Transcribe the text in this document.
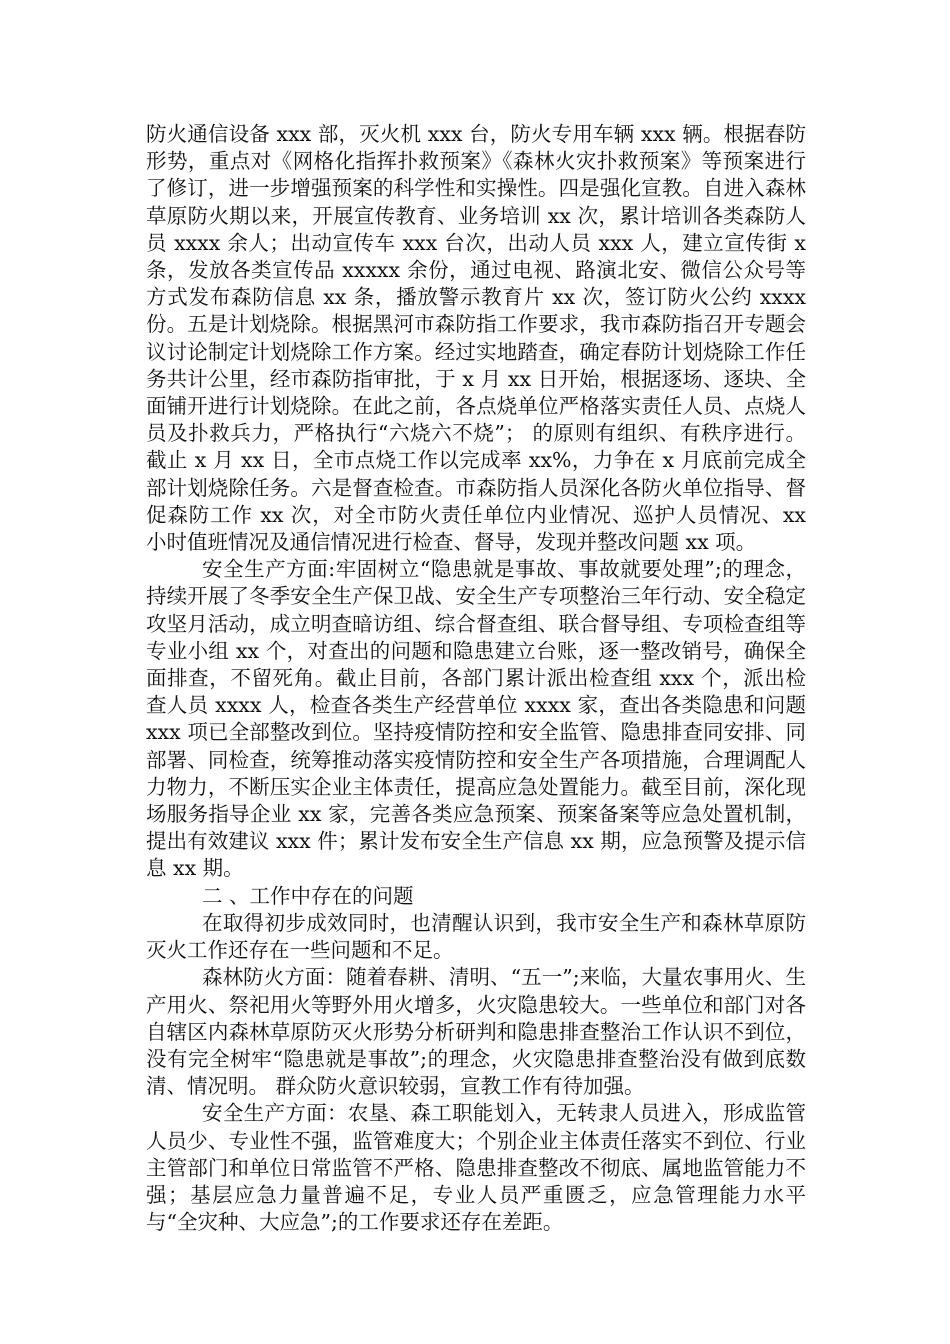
防火通信设备 xxx 部，灭火机 xxx 台，防火专用车辆 xxx 辆。根据春防形势，重点对《网格化指挥扑救预案》《森林火灾扑救预案》等预案进行了修订，进一步增强预案的科学性和实操性。四是强化宣教。自进入森林草原防火期以来，开展宣传教育、业务培训 xx 次，累计培训各类森防人员 xxxx 余人；出动宣传车 xxx 台次，出动人员 xxx 人，建立宣传街 x 条，发放各类宣传品 xxxxx 余份，通过电视、路演北安、微信公众号等方式发布森防信息 xx 条，播放警示教育片 xx 次，签订防火公约 xxxx 份。五是计划烧除。根据黑河市森防指工作要求，我市森防指召开专题会议讨论制定计划烧除工作方案。经过实地踏查，确定春防计划烧除工作任务共计公里，经市森防指审批，于 x 月 xx 日开始，根据逐场、逐块、全面铺开进行计划烧除。在此之前，各点烧单位严格落实责任人员、点烧人员及扑救兵力，严格执行“六烧六不烧”； 的原则有组织、有秩序进行。截止 x 月 xx 日，全市点烧工作以完成率 xx%，力争在 x 月底前完成全部计划烧除任务。六是督查检查。市森防指人员深化各防火单位指导、督促森防工作 xx 次，对全市防火责任单位内业情况、巡护人员情况、xx 小时值班情况及通信情况进行检查、督导，发现并整改问题 xx 项。

安全生产方面:牢固树立“隐患就是事故、事故就要处理”;的理念，持续开展了冬季安全生产保卫战、安全生产专项整治三年行动、安全稳定攻坚月活动，成立明查暗访组、综合督查组、联合督导组、专项检查组等专业小组 xx 个，对查出的问题和隐患建立台账，逐一整改销号，确保全面排查，不留死角。截止目前，各部门累计派出检查组 xxx 个，派出检查人员 xxxx 人，检查各类生产经营单位 xxxx 家，查出各类隐患和问题 xxx 项已全部整改到位。坚持疫情防控和安全监管、隐患排查同安排、同部署、同检查，统筹推动落实疫情防控和安全生产各项措施，合理调配人力物力，不断压实企业主体责任，提高应急处置能力。截至目前，深化现场服务指导企业 xx 家，完善各类应急预案、预案备案等应急处置机制，提出有效建议 xxx 件；累计发布安全生产信息 xx 期，应急预警及提示信息 xx 期。

二 、工作中存在的问题

在取得初步成效同时，也清醒认识到，我市安全生产和森林草原防灭火工作还存在一些问题和不足。

森林防火方面：随着春耕、清明、“五一”;来临，大量农事用火、生产用火、祭祀用火等野外用火增多，火灾隐患较大。一些单位和部门对各自辖区内森林草原防灭火形势分析研判和隐患排查整治工作认识不到位，没有完全树牢“隐患就是事故”;的理念，火灾隐患排查整治没有做到底数清、情况明。 群众防火意识较弱，宣教工作有待加强。

安全生产方面：农垦、森工职能划入，无转隶人员进入，形成监管人员少、专业性不强，监管难度大；个别企业主体责任落实不到位、行业主管部门和单位日常监管不严格、隐患排查整改不彻底、属地监管能力不强；基层应急力量普遍不足，专业人员严重匮乏，应急管理能力水平与“全灾种、大应急”;的工作要求还存在差距。
